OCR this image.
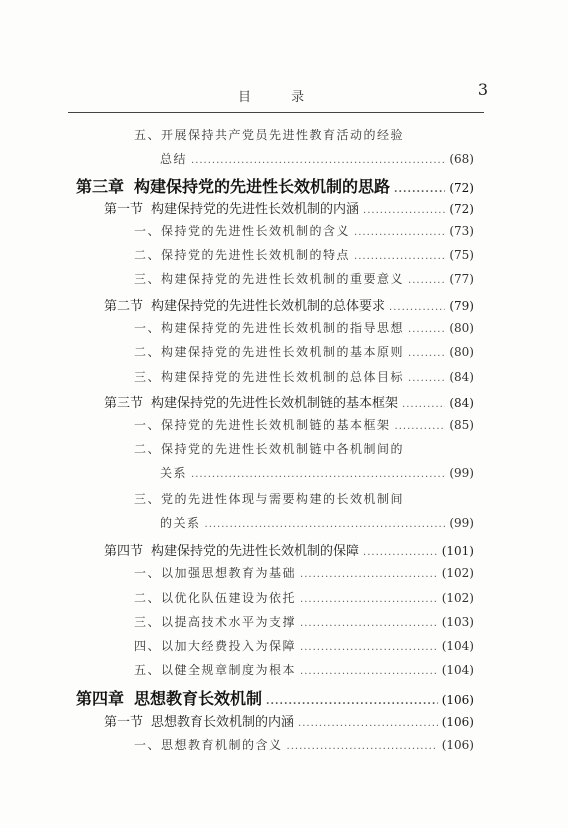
目 录	3
五、开展保持共产党员先进性教育活动的经验
总结 .....	(68)
第三章 构建保持党的先进性长效机制的思路 .....	(72)
第一节 构建保持党的先进性长效机制的内涵 .....	(72)
一、 保持党的先进性长效机制的含义 .....	(73)
二、 保持党的先进性长效机制的特点 .....	(75)
三、 构建保持党的先进性长效机制的重要意义 .....	(77)
第二节 构建保持党的先进性长效机制的总体要求 .....	(79)
一、 构建保持党的先进性长效机制的指导思想 .....	(80)
二、 构建保持党的先进性长效机制的基本原则 .....	(80)
三、 构建保持党的先进性长效机制的总体目标 .....	(84)
第三节 构建保持党的先进性长效机制链的基本框架 .....	(84)
一、 保持党的先进性长效机制链的基本框架 .....	(85)
二、保持党的先进性长效机制链中各机制间的
关系 .....	(99)
三、党的先进性体现与需要构建的长效机制间
的关系 .....	(99)
第四节 构建保持党的先进性长效机制的保障 .....	(101)
一、 以加强思想教育为基础 .....	(102)
二、 以优化队伍建设为依托 .....	(102)
三、 以提高技术水平为支撑 .....	(103)
四、 以加大经费投入为保障 .....	(104)
五、 以健全规章制度为根本 .....	(104)
第四章 思想教育长效机制 .....	(106)
第一节 思想教育长效机制的内涵 .....	(106)
一、 思想教育机制的含义 .....	(106)
